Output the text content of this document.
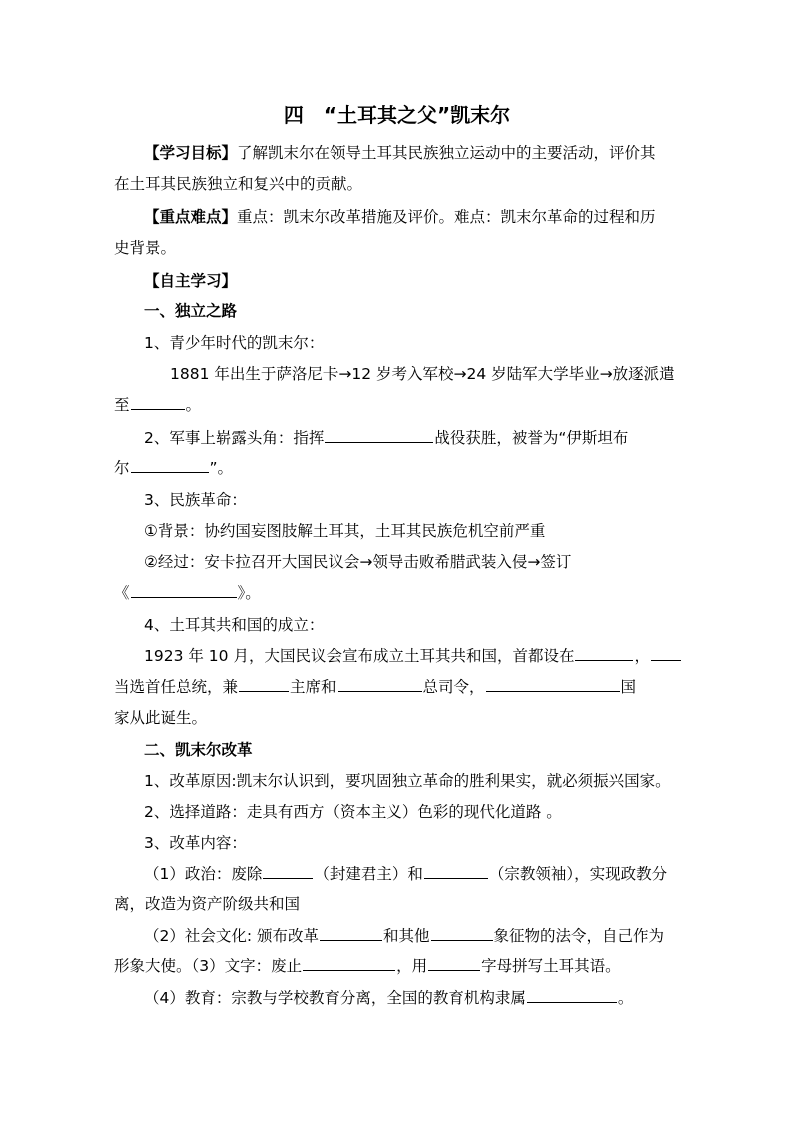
四　“土耳其之父”凯末尔
【学习目标】了解凯末尔在领导土耳其民族独立运动中的主要活动，评价其
在土耳其民族独立和复兴中的贡献。
【重点难点】重点：凯末尔改革措施及评价。难点：凯末尔革命的过程和历
史背景。
【自主学习】
一、独立之路
1、青少年时代的凯末尔：
1881 年出生于萨洛尼卡→12 岁考入军校→24 岁陆军大学毕业→放逐派遣
至	。
2、军事上崭露头角：指挥	战役获胜，被誉为“伊斯坦布
尔	”。
3、民族革命：
①背景：协约国妄图肢解土耳其，土耳其民族危机空前严重
②经过：安卡拉召开大国民议会→领导击败希腊武装入侵→签订
《	》。
4、土耳其共和国的成立：
1923 年 10 月，大国民议会宣布成立土耳其共和国，首都设在	，
当选首任总统，兼	主席和	总司令，	国
家从此诞生。
二、凯末尔改革
1、改革原因:凯末尔认识到，要巩固独立革命的胜利果实，就必须振兴国家。
2、选择道路：走具有西方（资本主义）色彩的现代化道路 。
3、改革内容：
（1）政治：废除	（封建君主）和	（宗教领袖），实现政教分
离，改造为资产阶级共和国
（2）社会文化: 颁布改革	和其他	象征物的法令，自己作为
形象大使。（3）文字：废止	，用	字母拼写土耳其语。
（4）教育：宗教与学校教育分离，全国的教育机构隶属	。
